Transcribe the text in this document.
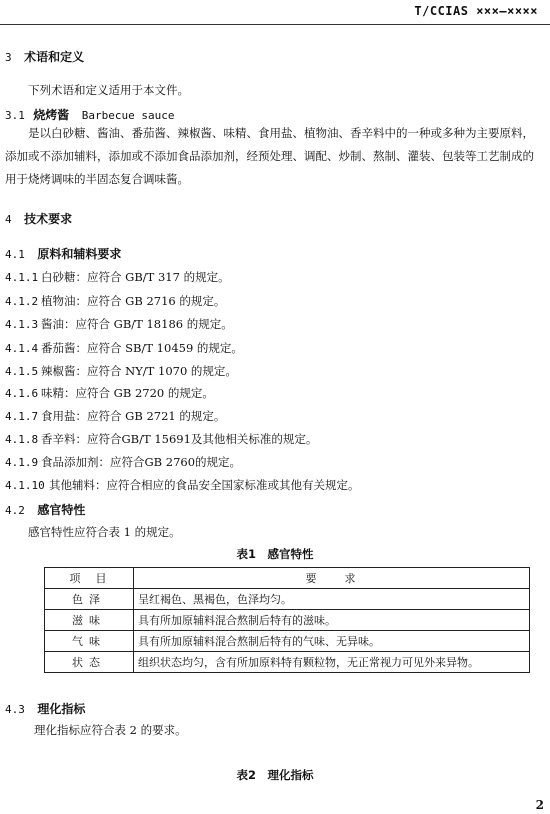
T/CCIAS ×××—××××
3 术语和定义
下列术语和定义适用于本文件。
3.1 烧烤酱 Barbecue sauce
是以白砂糖、酱油、番茄酱、辣椒酱、味精、食用盐、植物油、香辛料中的一种或多种为主要原料，添加或不添加辅料，添加或不添加食品添加剂，经预处理、调配、炒制、熬制、灌装、包装等工艺制成的用于烧烤调味的半固态复合调味酱。
4 技术要求
4.1 原料和辅料要求
4.1.1 白砂糖：应符合 GB/T 317 的规定。
4.1.2 植物油：应符合 GB 2716 的规定。
4.1.3 酱油：应符合 GB/T 18186 的规定。
4.1.4 番茄酱：应符合 SB/T 10459 的规定。
4.1.5 辣椒酱：应符合 NY/T 1070 的规定。
4.1.6 味精：应符合 GB 2720 的规定。
4.1.7 食用盐：应符合 GB 2721 的规定。
4.1.8 香辛料：应符合GB/T 15691及其他相关标准的规定。
4.1.9 食品添加剂：应符合GB 2760的规定。
4.1.10 其他辅料：应符合相应的食品安全国家标准或其他有关规定。
4.2 感官特性
感官特性应符合表 1 的规定。
表1　感官特性
项　目	要　　求
色泽	呈红褐色、黑褐色，色泽均匀。
滋味	具有所加原辅料混合熬制后特有的滋味。
气味	具有所加原辅料混合熬制后特有的气味、无异味。
状态	组织状态均匀，含有所加原料特有颗粒物，无正常视力可见外来异物。
4.3 理化指标
理化指标应符合表 2 的要求。
表2　理化指标
2
